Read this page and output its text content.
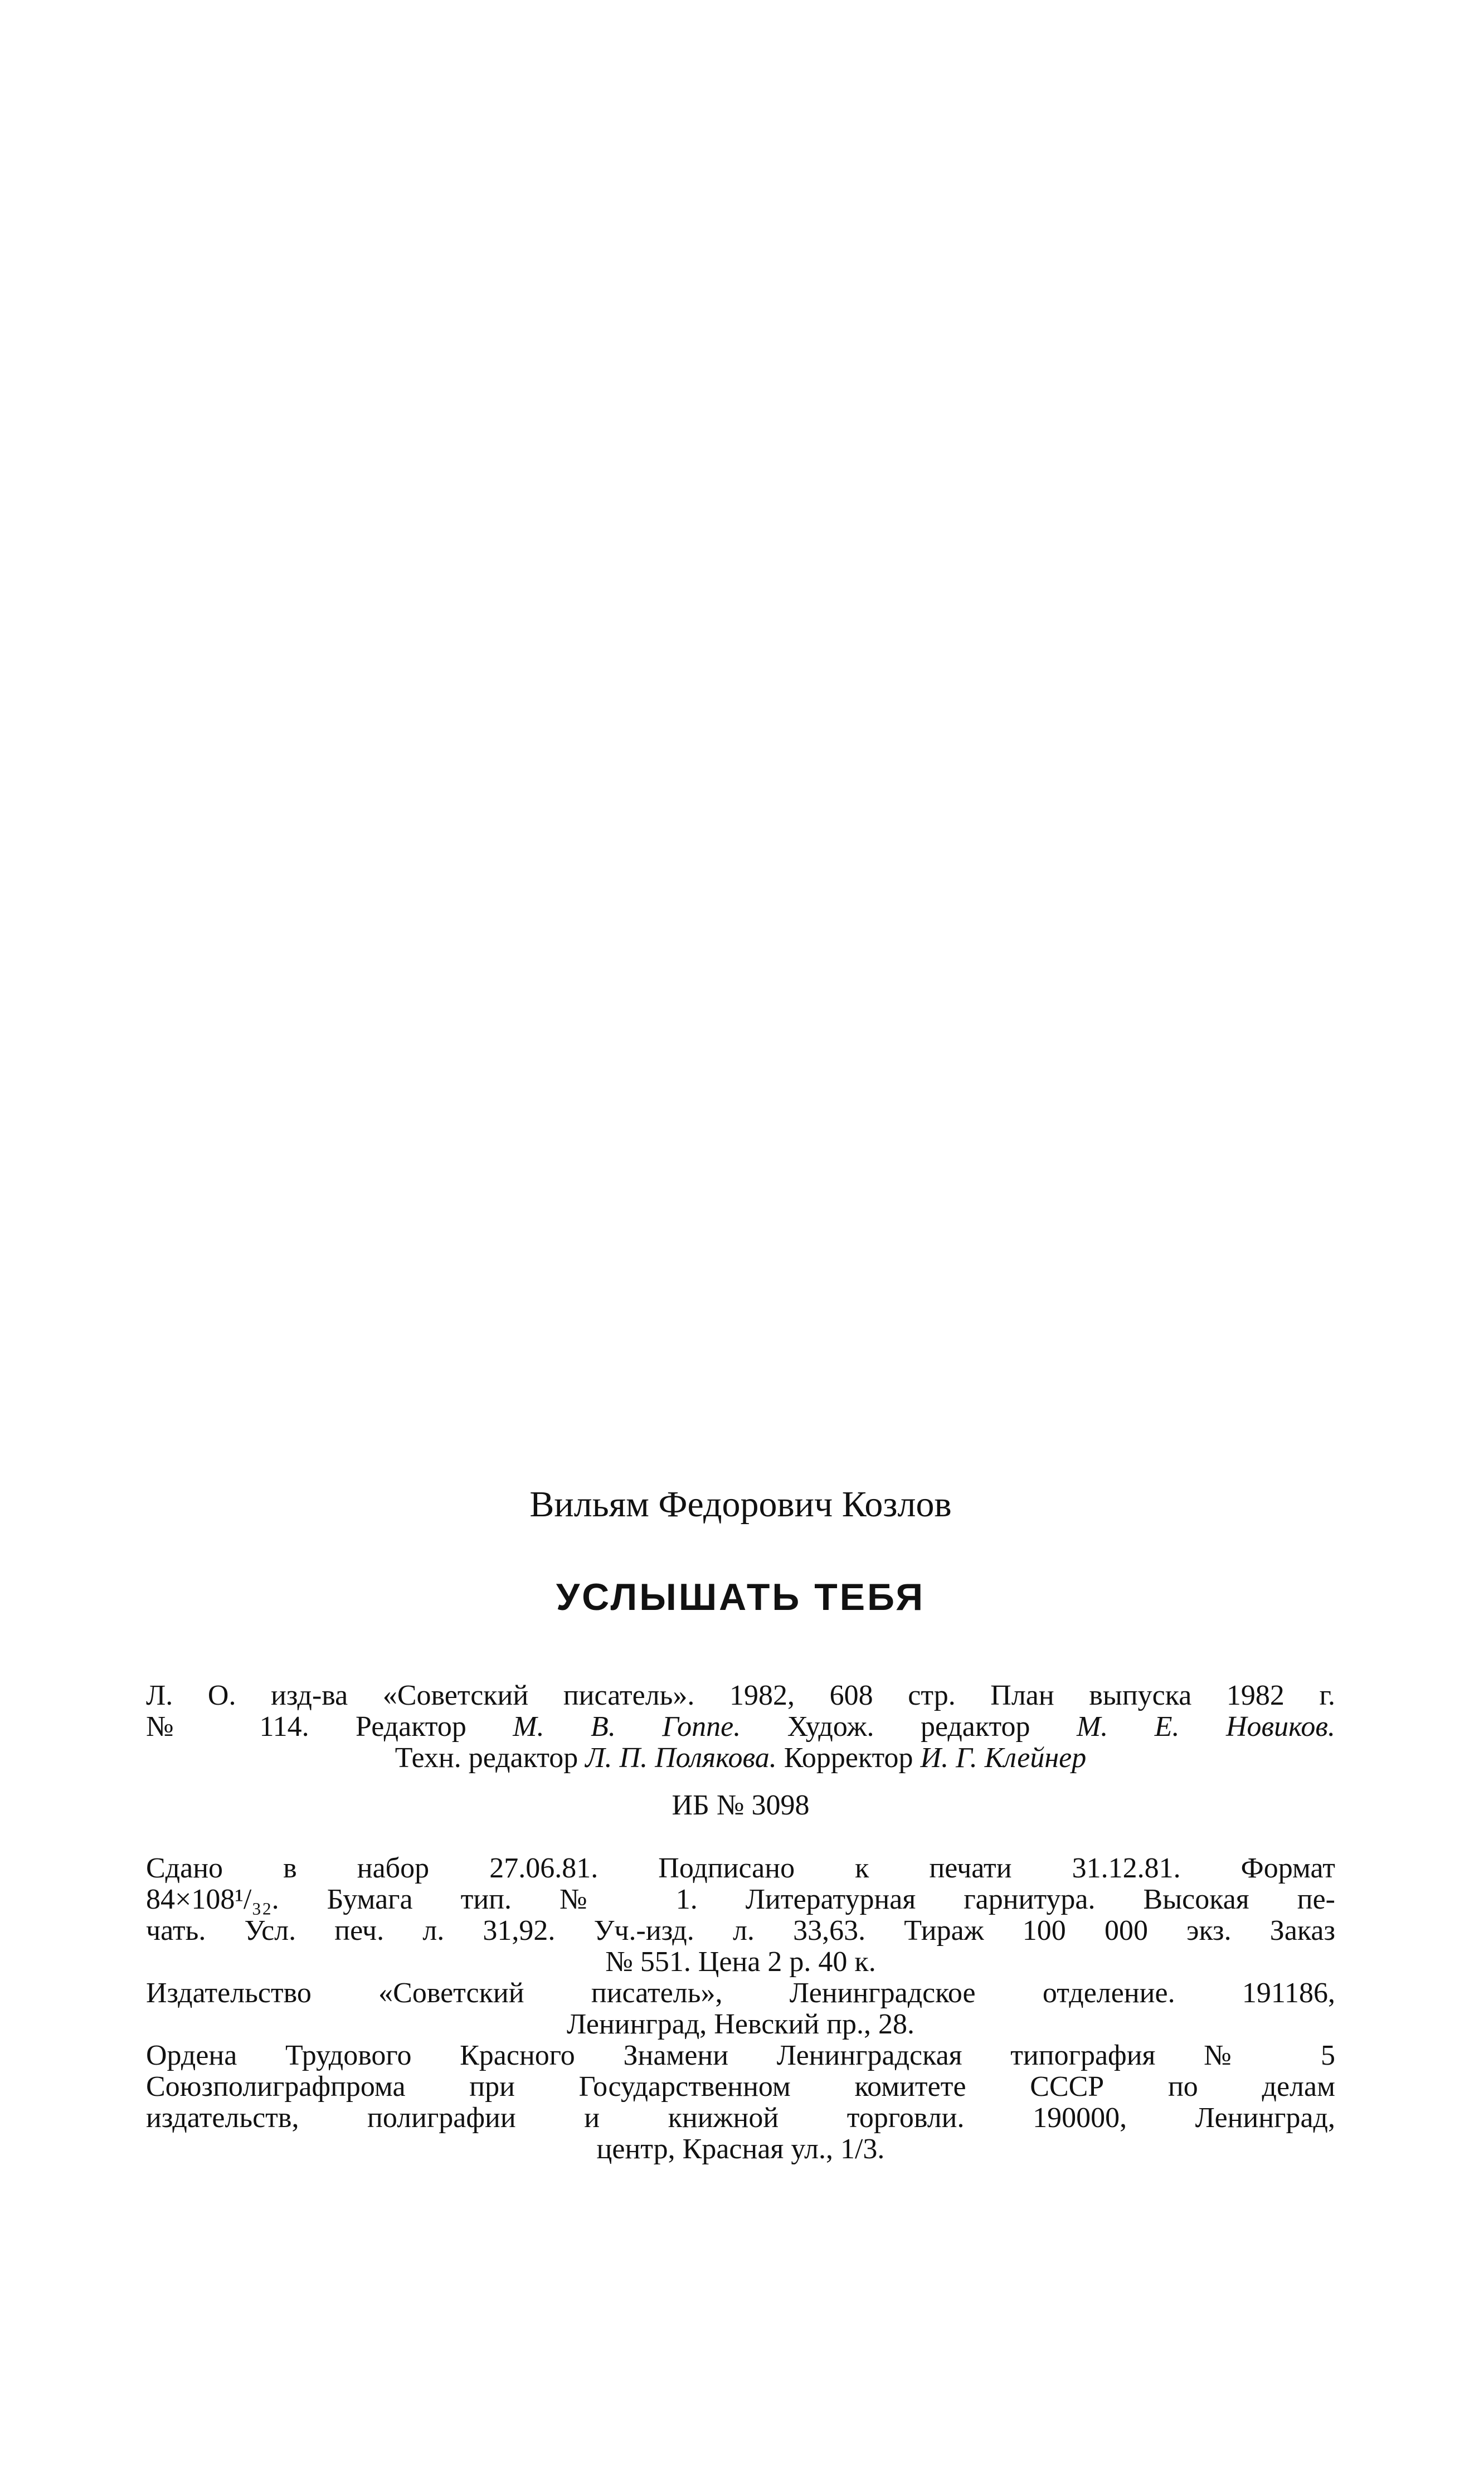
Вильям Федорович Козлов
УСЛЫШАТЬ ТЕБЯ
Л. О. изд-ва «Советский писатель». 1982, 608 стр. План выпуска 1982 г.
№ 114. Редактор М. В. Гоппе. Худож. редактор М. Е. Новиков.
Техн. редактор Л. П. Полякова. Корректор И. Г. Клейнер
ИБ № 3098
Сдано в набор 27.06.81. Подписано к печати 31.12.81. Формат
84×108¹/₃₂. Бумага тип. № 1. Литературная гарнитура. Высокая пе-
чать. Усл. печ. л. 31,92. Уч.-изд. л. 33,63. Тираж 100 000 экз. Заказ
№ 551. Цена 2 р. 40 к.
Издательство «Советский писатель», Ленинградское отделение. 191186,
Ленинград, Невский пр., 28.
Ордена Трудового Красного Знамени Ленинградская типография № 5
Союзполиграфпрома при Государственном комитете СССР по делам
издательств, полиграфии и книжной торговли. 190000, Ленинград,
центр, Красная ул., 1/3.
